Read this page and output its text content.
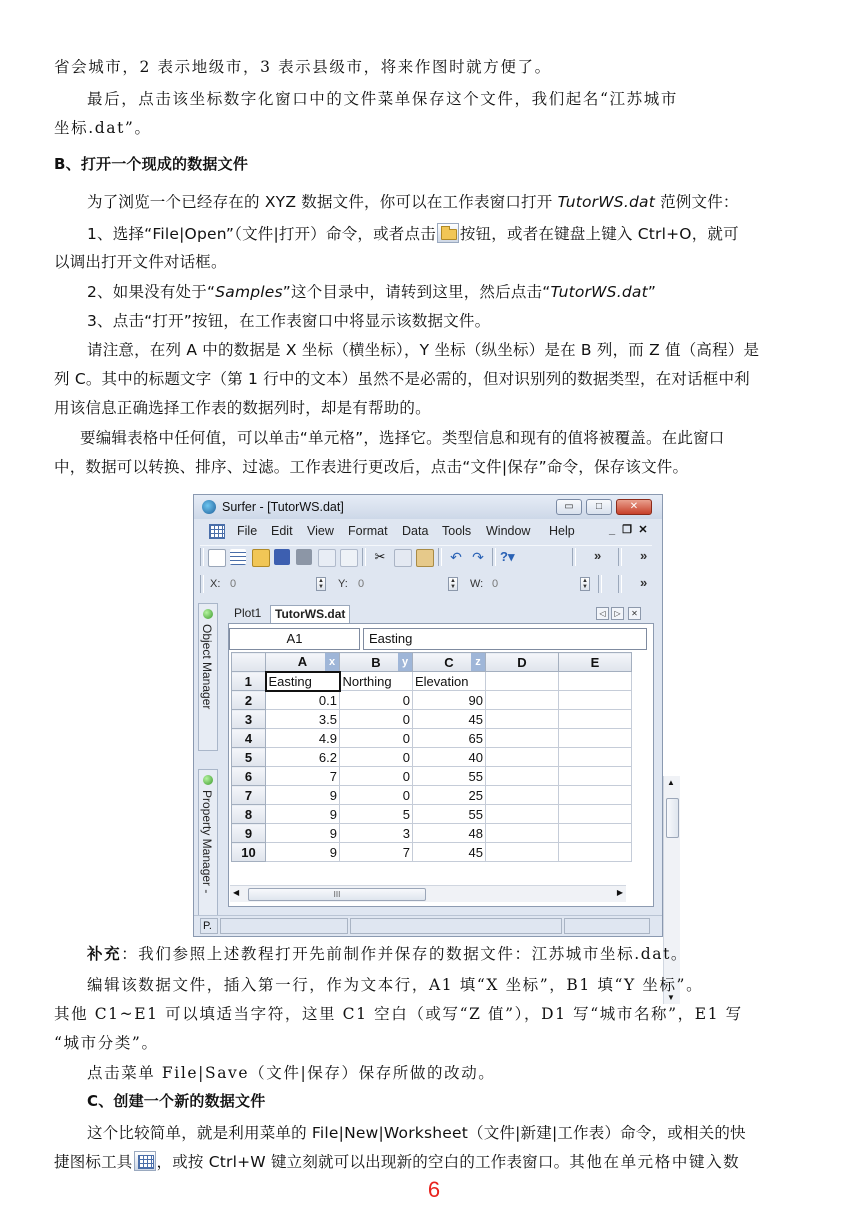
省会城市，2 表示地级市，3 表示县级市，将来作图时就方便了。
最后，点击该坐标数字化窗口中的文件菜单保存这个文件，我们起名“江苏城市
坐标.dat”。
B、打开一个现成的数据文件
为了浏览一个已经存在的 XYZ 数据文件，你可以在工作表窗口打开 TutorWS.dat 范例文件：
1、选择“File|Open”（文件|打开）命令，或者点击 按钮，或者在键盘上键入 Ctrl+O，就可
以调出打开文件对话框。
2、如果没有处于“Samples”这个目录中，请转到这里，然后点击“TutorWS.dat”
3、点击“打开”按钮，在工作表窗口中将显示该数据文件。
请注意，在列 A 中的数据是 X 坐标（横坐标），Y 坐标（纵坐标）是在 B 列，而 Z 值（高程）是
列 C。其中的标题文字（第 1 行中的文本）虽然不是必需的，但对识别列的数据类型，在对话框中利
用该信息正确选择工作表的数据列时，却是有帮助的。
要编辑表格中任何值，可以单击“单元格”，选择它。类型信息和现有的值将被覆盖。在此窗口
中，数据可以转换、排序、过滤。工作表进行更改后，点击“文件|保存”命令，保存该文件。
Surfer - [TutorWS.dat]	▭	□	✕
File Edit View Format Data Tools Window Help	_ ❐ ✕
✂	↶ ↷ ?▾	»	»
X: 0	▲
▼ Y: 0	▲
▼ W: 0	▲
▼	»
Object Manager
Property Manager -
Plot1	TutorWS.dat	◁	▷	✕
A1	Easting
	A x	B y	C z	D	E
1	Easting	Northing	Elevation		
2	0.1	0	90		
3	3.5	0	45		
4	4.9	0	65		
5	6.2	0	40		
6	7	0	55		
7	9	0	25		
8	9	5	55		
9	9	3	48		
10	9	7	45		
▲
▼
◀	III	▶
P.
补充：我们参照上述教程打开先前制作并保存的数据文件：江苏城市坐标.dat。
编辑该数据文件，插入第一行，作为文本行，A1 填“X 坐标”，B1 填“Y 坐标”。
其他 C1~E1 可以填适当字符，这里 C1 空白（或写“Z 值”），D1 写“城市名称”，E1 写
“城市分类”。
点击菜单 File|Save（文件|保存）保存所做的改动。
C、创建一个新的数据文件
这个比较简单，就是利用菜单的 File|New|Worksheet（文件|新建|工作表）命令，或相关的快
捷图标工具 ，或按 Ctrl+W 键立刻就可以出现新的空白的工作表窗口。其他在单元格中键入数
6
